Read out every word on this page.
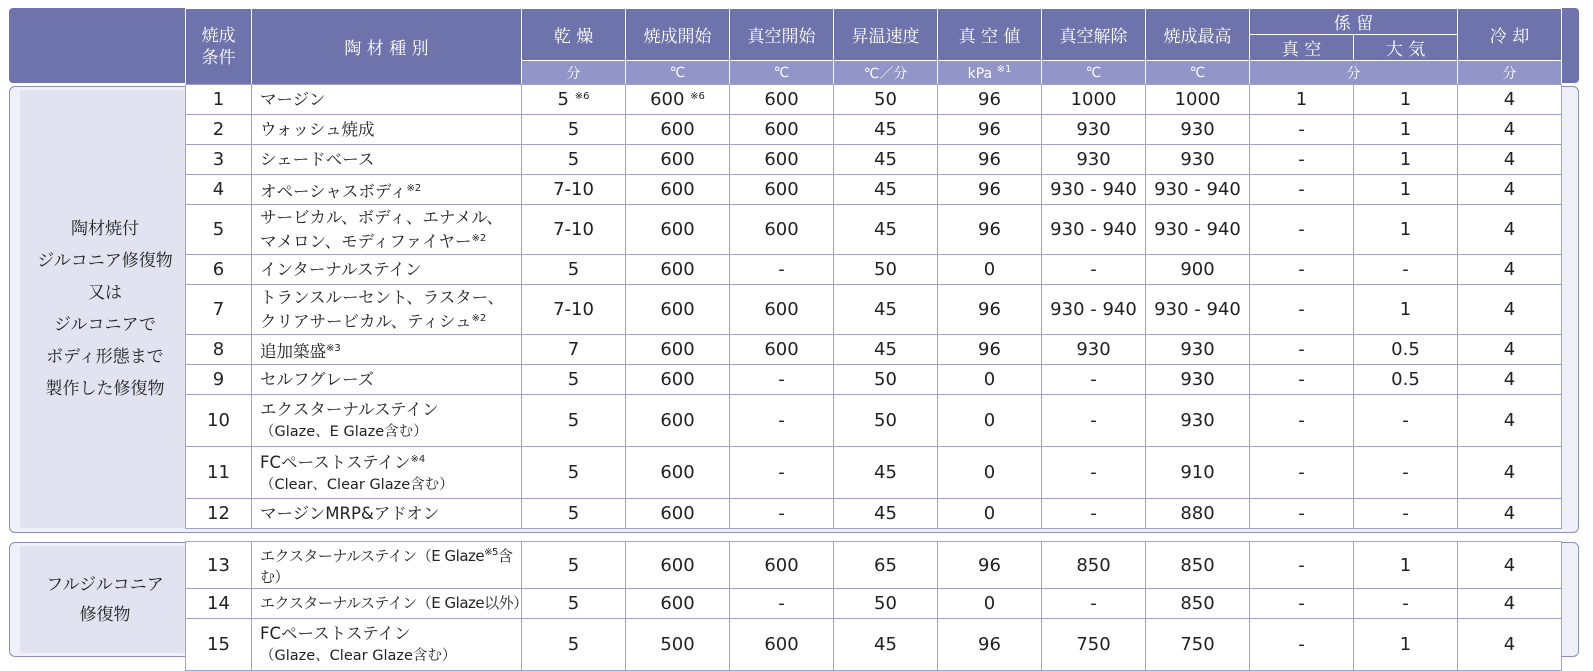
焼成
条件	陶 材 種 別	乾 燥	焼成開始	真空開始	昇温速度	真 空 値	真空解除	焼成最高	係 留		冷 却
									真 空	大 気	
		分	℃	℃	℃／分	kPa $^{※1}$	℃	℃	分		分
陶材焼付
ジルコニア修復物
又は
ジルコニアで
ボディ形態まで
製作した修復物
フルジルコニア
修復物
1	マージン	5 $^{※6}$	600 $^{※6}$	600	50	96	1000	1000	1	1	4
2	ウォッシュ焼成	5	600	600	45	96	930	930	-	1	4
3	シェードベース	5	600	600	45	96	930	930	-	1	4
4	オペーシャスボディ$^{※2}$	7-10	600	600	45	96	930 - 940	930 - 940	-	1	4
5	サービカル、ボディ、エナメル、
マメロン、モディファイヤー$^{※2}$	7-10	600	600	45	96	930 - 940	930 - 940	-	1	4
6	インターナルステイン	5	600	-	50	0	-	900	-	-	4
7	トランスルーセント、ラスター、
クリアサービカル、ティシュ$^{※2}$	7-10	600	600	45	96	930 - 940	930 - 940	-	1	4
8	追加築盛$^{※3}$	7	600	600	45	96	930	930	-	0.5	4
9	セルフグレーズ	5	600	-	50	0	-	930	-	0.5	4
10	エクスターナルステイン
（Glaze、E Glaze含む）	5	600	-	50	0	-	930	-	-	4
11	FCペーストステイン$^{※4}$
（Clear、Clear Glaze含む）	5	600	-	45	0	-	910	-	-	4
12	マージンMRP&アドオン	5	600	-	45	0	-	880	-	-	4
13	エクスターナルステイン（E Glaze$^{※5}$含む）	5	600	600	65	96	850	850	-	1	4
14	エクスターナルステイン（E Glaze以外）	5	600	-	50	0	-	850	-	-	4
15	FCペーストステイン
（Glaze、Clear Glaze含む）	5	500	600	45	96	750	750	-	1	4
